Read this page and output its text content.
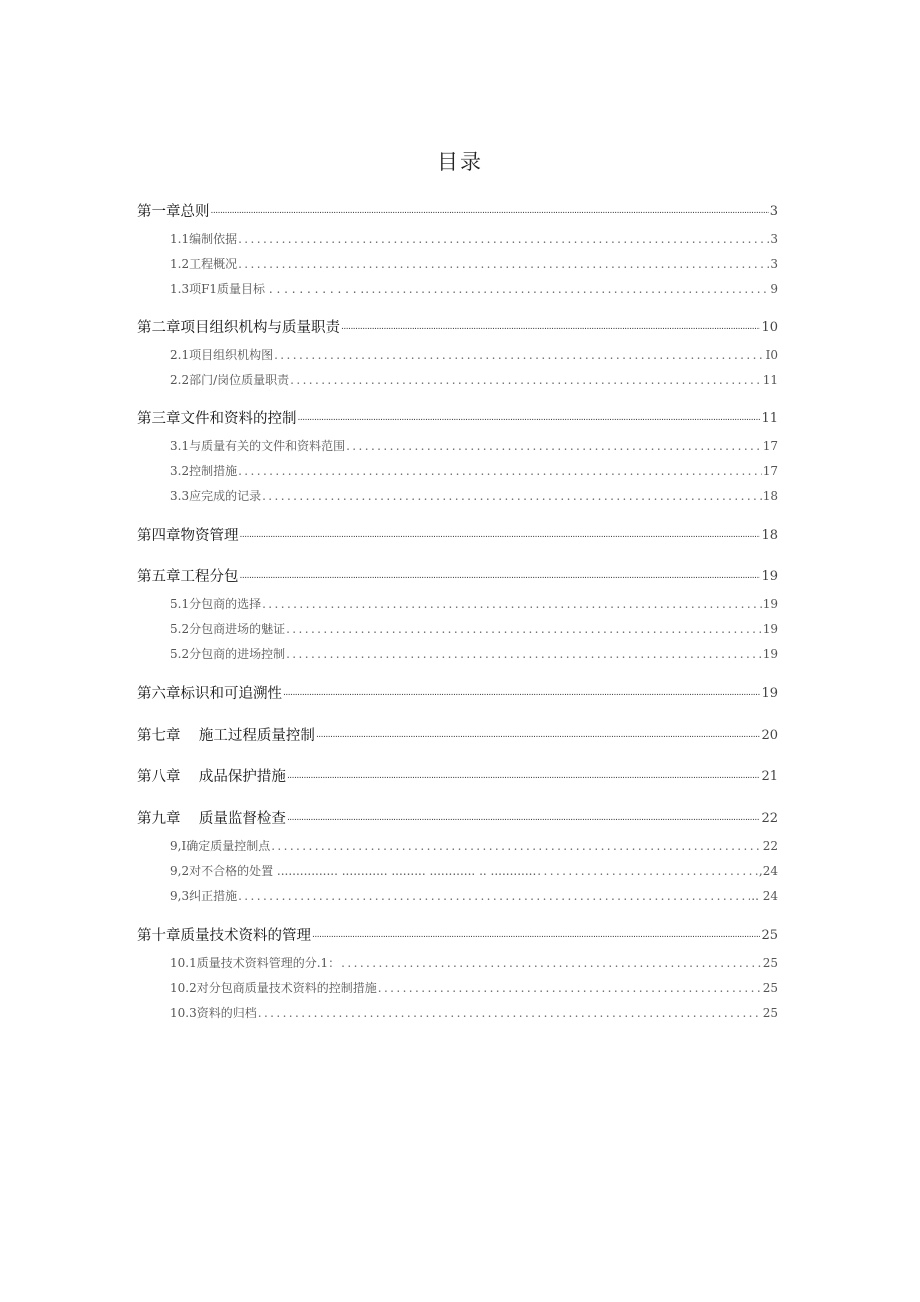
目录
第一章总则 .....	3
1.1编制依据 .....	3
1.2工程概况 .....	3
1.3项F1质量目标 . . . . . . . . . . . . . .....	9
第二章项目组织机构与质量职责 .....	10
2.1项目组织机构图 .....	I0
2.2部门/岗位质量职责 .....	11
第三章文件和资料的控制 .....	11
3.1与质量有关的文件和资料范围 .....	17
3.2控制措施 .....	17
3.3应完成的记录 .....	18
第四章物资管理 .....	18
第五章工程分包 .....	19
5.1分包商的选择 .....	19
5.2分包商进场的魅证 .....	19
5.2分包商的进场控制 .....	19
第六章标识和可追溯性 .....	19
第七章    施工过程质量控制 .....	20
第八章    成品保护措施 .....	21
第九章    质量监督检查 .....	22
9,I确定质量控制点 .....	22
9,2对不合格的处置 ................ ............ ......... ............ .. ............ .....	,24
9,3纠正措施 .....	.. 24
第十章质量技术资料的管理 .....	25
10.1质量技术资料管理的分.1： .....	25
10.2对分包商质量技术资料的控制措施 .....	25
10.3资料的归档 .....	25
